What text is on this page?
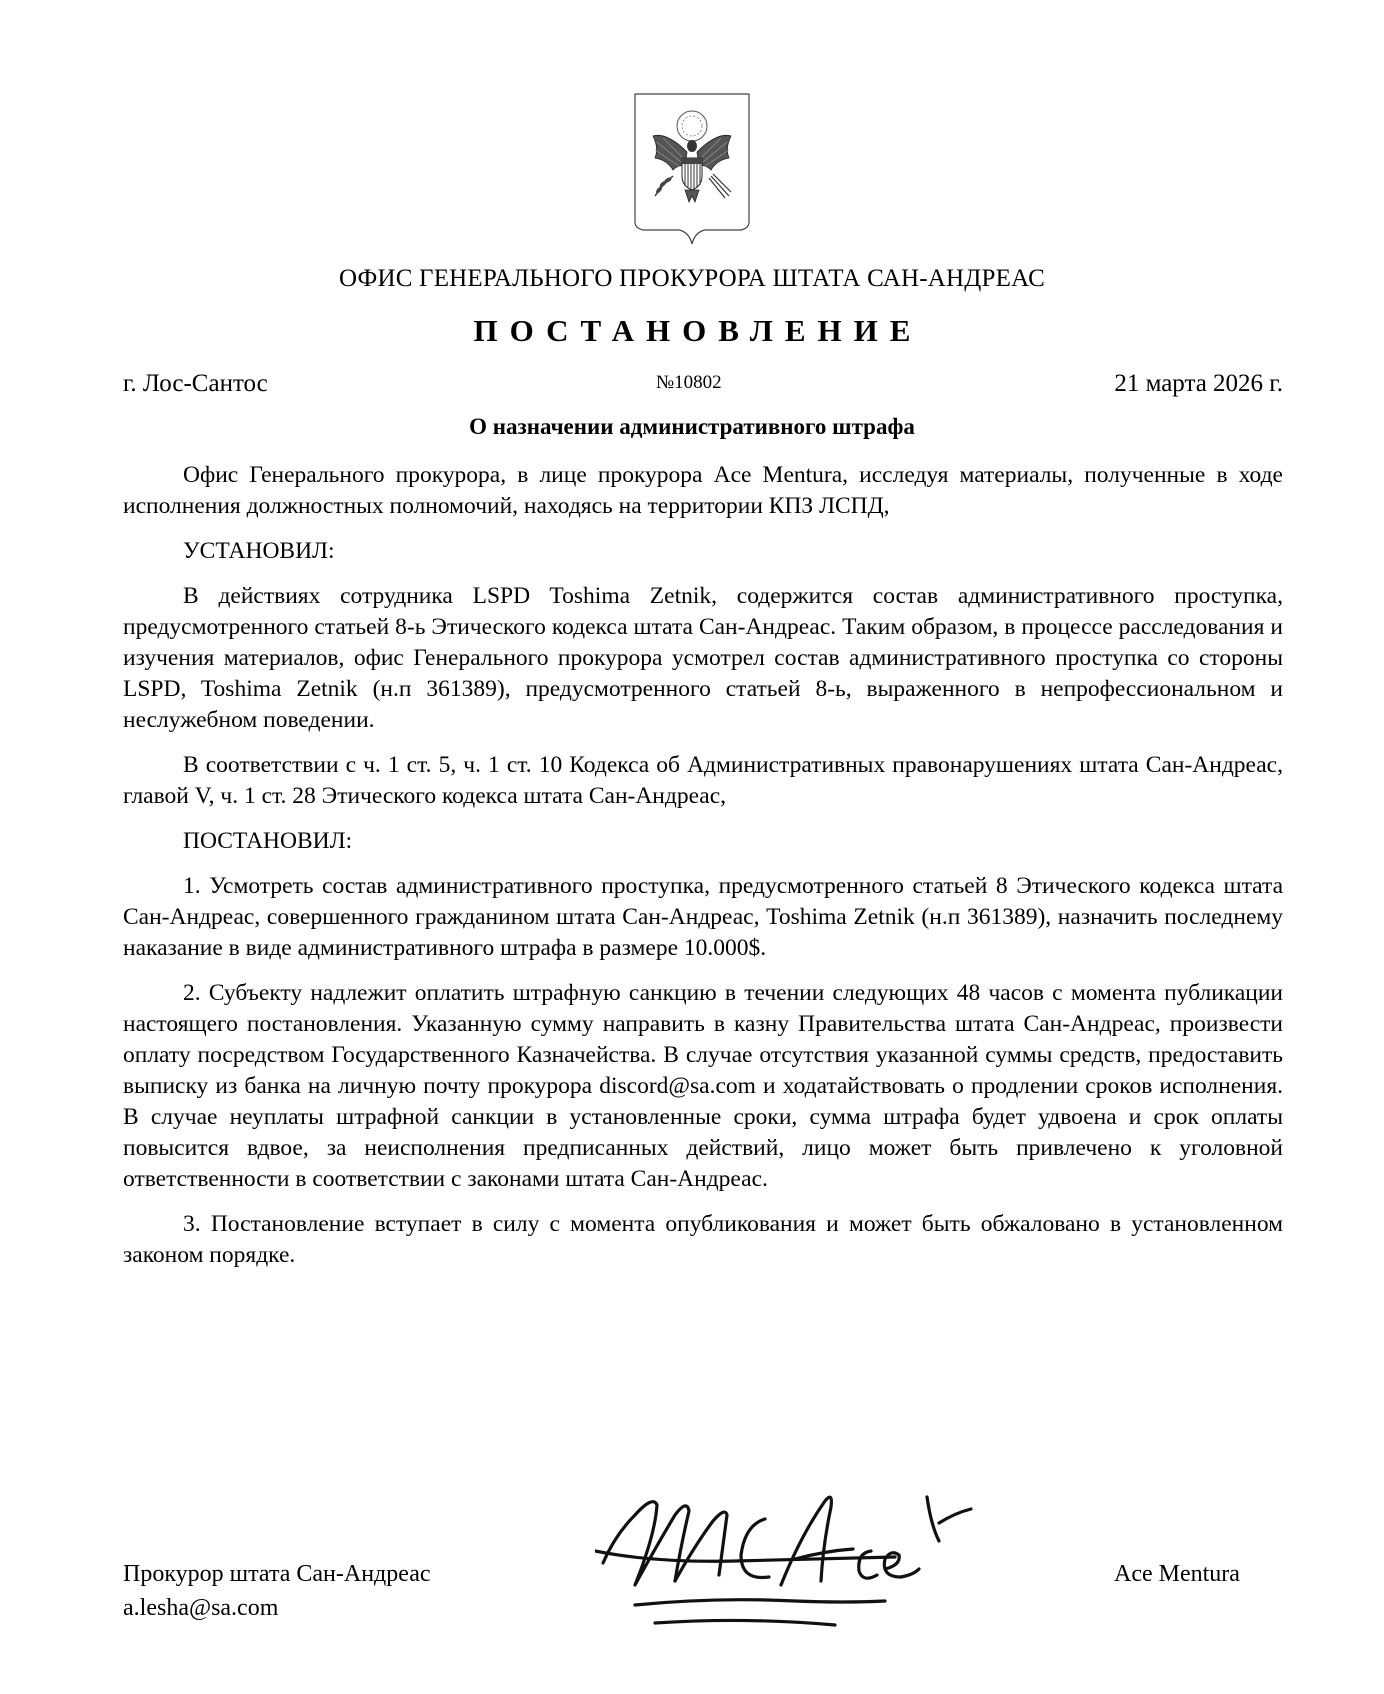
ОФИС ГЕНЕРАЛЬНОГО ПРОКУРОРА ШТАТА САН-АНДРЕАС
ПОСТАНОВЛЕНИЕ
г. Лос-Сантос	№10802	21 марта 2026 г.
О назначении административного штрафа

Офис Генерального прокурора, в лице прокурора Ace Mentura, исследуя материалы, полученные в ходе исполнения должностных полномочий, находясь на территории КПЗ ЛСПД,

УСТАНОВИЛ:

В действиях сотрудника LSPD Toshima Zetnik, содержится состав административного проступка, предусмотренного статьей 8-ь Этического кодекса штата Сан-Андреас. Таким образом, в процессе расследования и изучения материалов, офис Генерального прокурора усмотрел состав административного проступка со стороны LSPD, Toshima Zetnik (н.п 361389), предусмотренного статьей 8-ь, выраженного в непрофессиональном и неслужебном поведении.

В соответствии с ч. 1 ст. 5, ч. 1 ст. 10 Кодекса об Административных правонарушениях штата Сан-Андреас, главой V, ч. 1 ст. 28 Этического кодекса штата Сан-Андреас,

ПОСТАНОВИЛ:

1. Усмотреть состав административного проступка, предусмотренного статьей 8 Этического кодекса штата Сан-Андреас, совершенного гражданином штата Сан-Андреас, Toshima Zetnik (н.п 361389), назначить последнему наказание в виде административного штрафа в размере 10.000$.

2. Субъекту надлежит оплатить штрафную санкцию в течении следующих 48 часов с момента публикации настоящего постановления. Указанную сумму направить в казну Правительства штата Сан-Андреас, произвести оплату посредством Государственного Казначейства. В случае отсутствия указанной суммы средств, предоставить выписку из банка на личную почту прокурора discord@sa.com и ходатайствовать о продлении сроков исполнения. В случае неуплаты штрафной санкции в установленные сроки, сумма штрафа будет удвоена и срок оплаты повысится вдвое, за неисполнения предписанных действий, лицо может быть привлечено к уголовной ответственности в соответствии с законами штата Сан-Андреас.

3. Постановление вступает в силу с момента опубликования и может быть обжаловано в установленном законом порядке.

Прокурор штата Сан-Андреас
a.lesha@sa.com
Ace Mentura
